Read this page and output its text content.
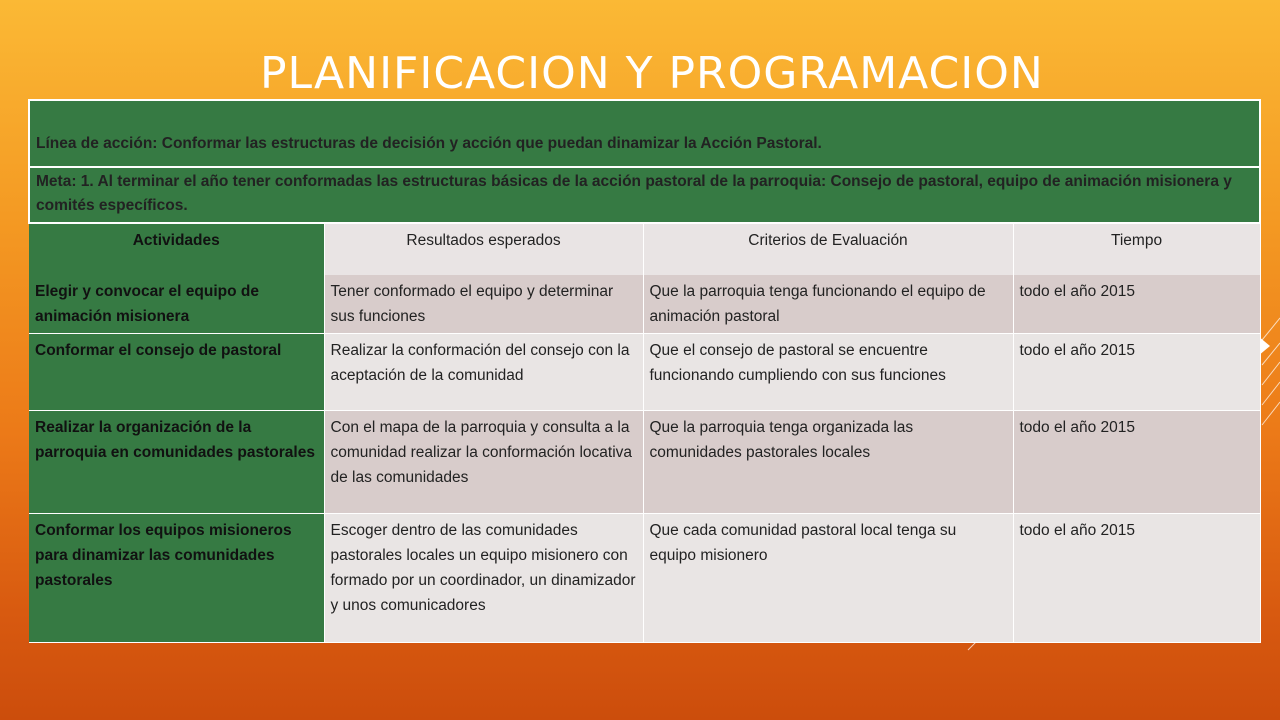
PLANIFICACION Y PROGRAMACION
Línea de acción: Conformar las estructuras de decisión y acción que puedan dinamizar la Acción Pastoral.			
Meta: 1. Al terminar el año tener conformadas las estructuras básicas de la acción pastoral de la parroquia: Consejo de pastoral, equipo de animación misionera y comités específicos.			
Actividades	Resultados esperados	Criterios de Evaluación	Tiempo
Elegir y convocar el equipo de animación misionera	Tener conformado el equipo y determinar sus funciones	Que la parroquia tenga funcionando el equipo de animación pastoral	todo el año 2015
Conformar el consejo de pastoral	Realizar la conformación del consejo con la aceptación de la comunidad	Que el consejo de pastoral se encuentre funcionando cumpliendo con sus funciones	todo el año 2015
Realizar la organización de la parroquia en comunidades pastorales	Con el mapa de la parroquia y consulta a la comunidad realizar la conformación locativa de las comunidades	Que la parroquia tenga organizada las comunidades pastorales locales	todo el año 2015
Conformar los equipos misioneros para dinamizar las comunidades pastorales	Escoger dentro de las comunidades pastorales locales un equipo misionero con formado por un coordinador, un dinamizador y unos comunicadores	Que cada comunidad pastoral local tenga su equipo misionero	todo el año 2015
